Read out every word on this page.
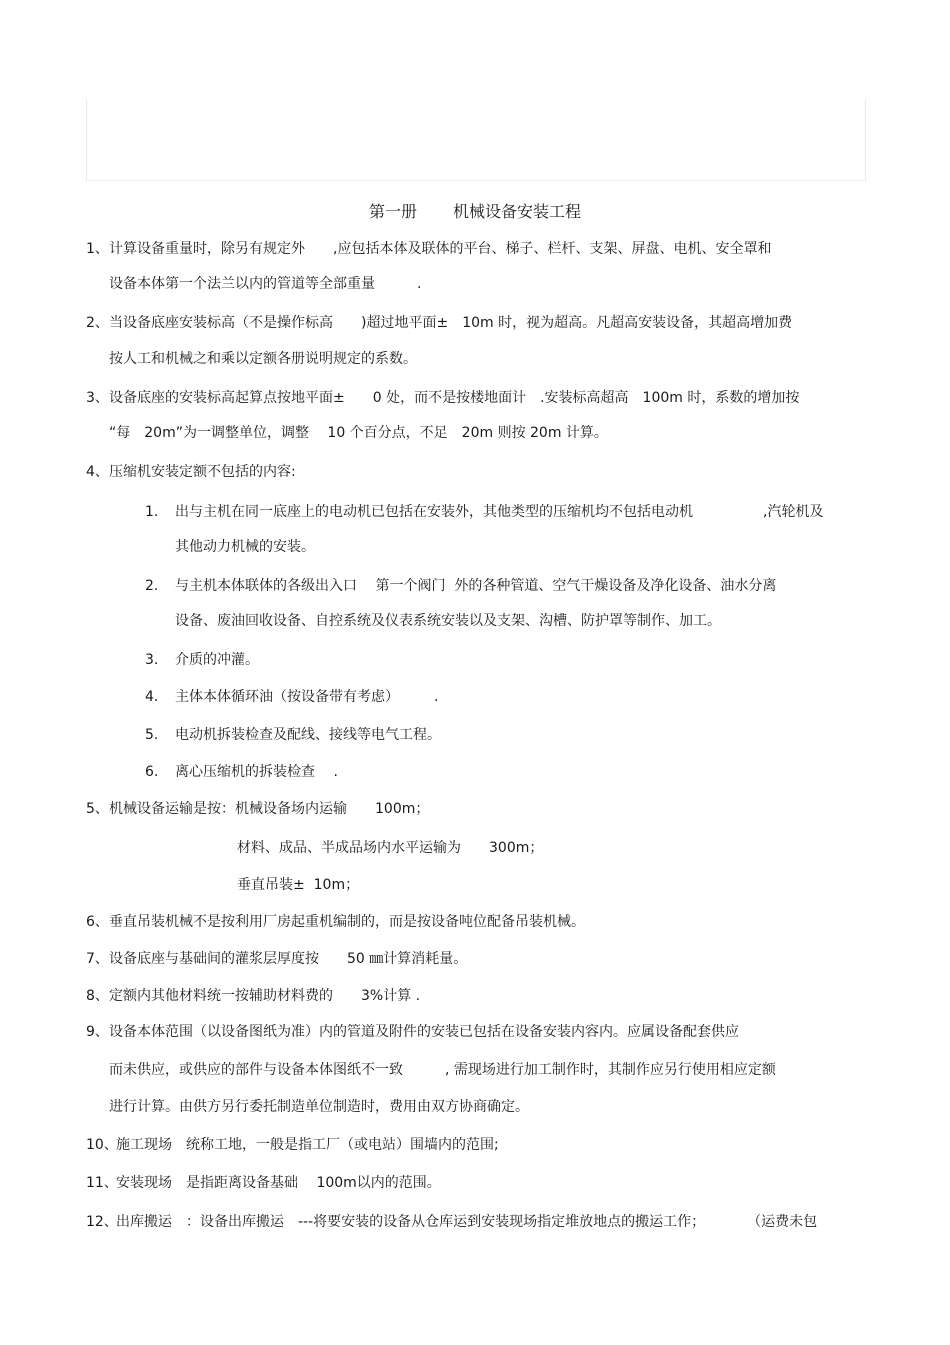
第一册 机械设备安装工程
1、 计算设备重量时，除另有规定外　　,应包括本体及联体的平台、梯子、栏杆、支架、屏盘、电机、安全罩和
设备本体第一个法兰以内的管道等全部重量　　　.
2、 当设备底座安装标高（不是操作标高　　)超过地平面±　10m 时，视为超高。凡超高安装设备，其超高增加费
按人工和机械之和乘以定额各册说明规定的系数。
3、 设备底座的安装标高起算点按地平面±　　0 处，而不是按楼地面计　.安装标高超高　100m 时，系数的增加按
“每　20m”为一调整单位，调整　 10 个百分点，不足　20m 则按 20m 计算。
4、 压缩机安装定额不包括的内容:
1. 出与主机在同一底座上的电动机已包括在安装外，其他类型的压缩机均不包括电动机　　　　　,汽轮机及
其他动力机械的安装。
2. 与主机本体联体的各级出入口　 第一个阀门  外的各种管道、空气干燥设备及净化设备、油水分离
设备、废油回收设备、自控系统及仪表系统安装以及支架、沟槽、防护罩等制作、加工。
3. 介质的冲灌。
4. 主体本体循环油（按设备带有考虑）　　　.
5. 电动机拆装检查及配线、接线等电气工程。
6. 离心压缩机的拆装检查　 .
5、 机械设备运输是按：机械设备场内运输　　100m；
材料、成品、半成品场内水平运输为　　300m；
垂直吊装±  10m；
6、 垂直吊装机械不是按利用厂房起重机编制的，而是按设备吨位配备吊装机械。
7、 设备底座与基础间的灌浆层厚度按　　50 ㎜计算消耗量。
8、 定额内其他材料统一按辅助材料费的　　3%计算 .
9、 设备本体范围（以设备图纸为准）内的管道及附件的安装已包括在设备安装内容内。应属设备配套供应
而未供应，或供应的部件与设备本体图纸不一致　　　, 需现场进行加工制作时，其制作应另行使用相应定额
进行计算。由供方另行委托制造单位制造时，费用由双方协商确定。
10、
施工现场　统称工地，一般是指工厂（或电站）围墙内的范围;
11、
安装现场　是指距离设备基础　 100m以内的范围。
12、
出库搬运　：设备出库搬运　---将要安装的设备从仓库运到安装现场指定堆放地点的搬运工作；　　　　（运费未包
